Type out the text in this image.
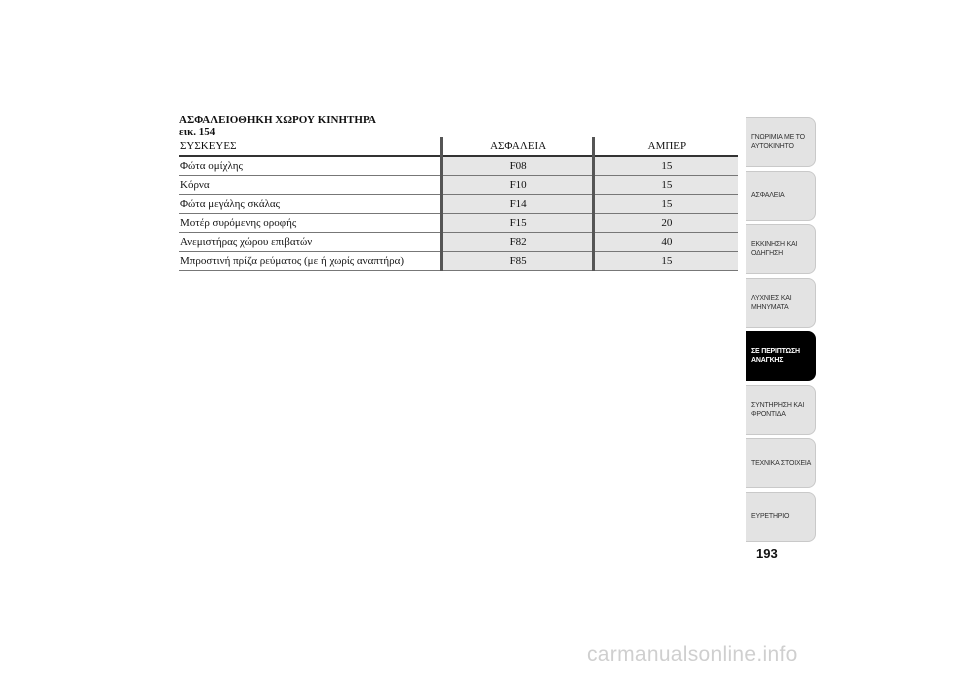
ΑΣΦΑΛΕΙΟΘΗΚΗ ΧΩΡΟΥ ΚΙΝΗΤΗΡΑ
εικ. 154
ΣΥΣΚΕΥΕΣ	ΑΣΦΑΛΕΙΑ	ΑΜΠΕΡ
Φώτα ομίχλης	F08	15
Κόρνα	F10	15
Φώτα μεγάλης σκάλας	F14	15
Μοτέρ συρόμενης οροφής	F15	20
Ανεμιστήρας χώρου επιβατών	F82	40
Μπροστινή πρίζα ρεύματος (με ή χωρίς αναπτήρα)	F85	15
ΓΝΩΡΙΜΙΑ ΜΕ ΤΟ
ΑΥΤΟΚΙΝΗΤΟ
ΑΣΦΑΛΕΙΑ
ΕΚΚΙΝΗΣΗ ΚΑΙ
ΟΔΗΓΗΣΗ
ΛΥΧΝΙΕΣ ΚΑΙ
ΜΗΝΥΜΑΤΑ
ΣΕ ΠΕΡΙΠΤΩΣΗ
ΑΝΑΓΚΗΣ
ΣΥΝΤΗΡΗΣΗ ΚΑΙ
ΦΡΟΝΤΙΔΑ
ΤΕΧΝΙΚΑ ΣΤΟΙΧΕΙΑ
ΕΥΡΕΤΗΡΙΟ
193
carmanualsonline.info
